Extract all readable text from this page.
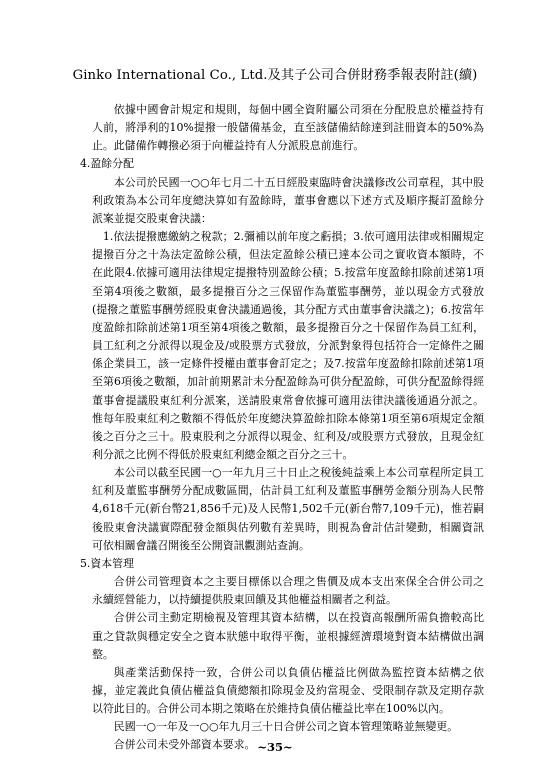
Ginko International Co., Ltd.及其子公司合併財務季報表附註(續)

依據中國會計規定和規則，每個中國全資附屬公司須在分配股息於權益持有人前，將淨利的10%提撥一般儲備基金，直至該儲備結餘達到註冊資本的50%為止。此儲備作轉撥必須于向權益持有人分派股息前進行。

4.盈餘分配

本公司於民國一○○年七月二十五日經股東臨時會決議修改公司章程，其中股利政策為本公司年度總決算如有盈餘時，董事會應以下述方式及順序擬訂盈餘分派案並提交股東會決議：

1.依法提撥應繳納之稅款；2.彌補以前年度之虧損；3.依可適用法律或相關規定提撥百分之十為法定盈餘公積，但法定盈餘公積已達本公司之實收資本額時，不在此限4.依據可適用法律規定提撥特別盈餘公積；5.按當年度盈餘扣除前述第1項至第4項後之數額，最多提撥百分之三保留作為董監事酬勞，並以現金方式發放(提撥之董監事酬勞經股東會決議通過後，其分配方式由董事會決議之)；6.按當年度盈餘扣除前述第1項至第4項後之數額，最多提撥百分之十保留作為員工紅利，員工紅利之分派得以現金及/或股票方式發放，分派對象得包括符合一定條件之關係企業員工，該一定條件授權由董事會訂定之；及7.按當年度盈餘扣除前述第1項至第6項後之數額，加計前期累計未分配盈餘為可供分配盈餘，可供分配盈餘得經董事會提議股東紅利分派案，送請股東常會依據可適用法律決議後通過分派之。惟每年股東紅利之數額不得低於年度總決算盈餘扣除本條第1項至第6項規定金額後之百分之三十。股東股利之分派得以現金、紅利及/或股票方式發放，且現金紅利分派之比例不得低於股東紅利總金額之百分之三十。

本公司以截至民國一○一年九月三十日止之稅後純益乘上本公司章程所定員工紅利及董監事酬勞分配成數區間，估計員工紅利及董監事酬勞金額分別為人民幣4,618千元(新台幣21,856千元)及人民幣1,502千元(新台幣7,109千元)，惟若嗣後股東會決議實際配發金額與估列數有差異時，則視為會計估計變動，相關資訊可依相關會議召開後至公開資訊觀測站查詢。

5.資本管理

合併公司管理資本之主要目標係以合理之售價及成本支出來保全合併公司之永續經營能力，以持續提供股東回饋及其他權益相關者之利益。

合併公司主動定期檢視及管理其資本結構，以在投資高報酬所需負擔較高比重之貸款與穩定安全之資本狀態中取得平衡，並根據經濟環境對資本結構做出調整。

與產業活動保持一致，合併公司以負債佔權益比例做為監控資本結構之依據，並定義此負債佔權益負債總額扣除現金及約當現金、受限制存款及定期存款以符此目的。合併公司本期之策略在於維持負債佔權益比率在100%以內。

民國一○一年及一○○年九月三十日合併公司之資本管理策略並無變更。

合併公司未受外部資本要求。 ~35~
